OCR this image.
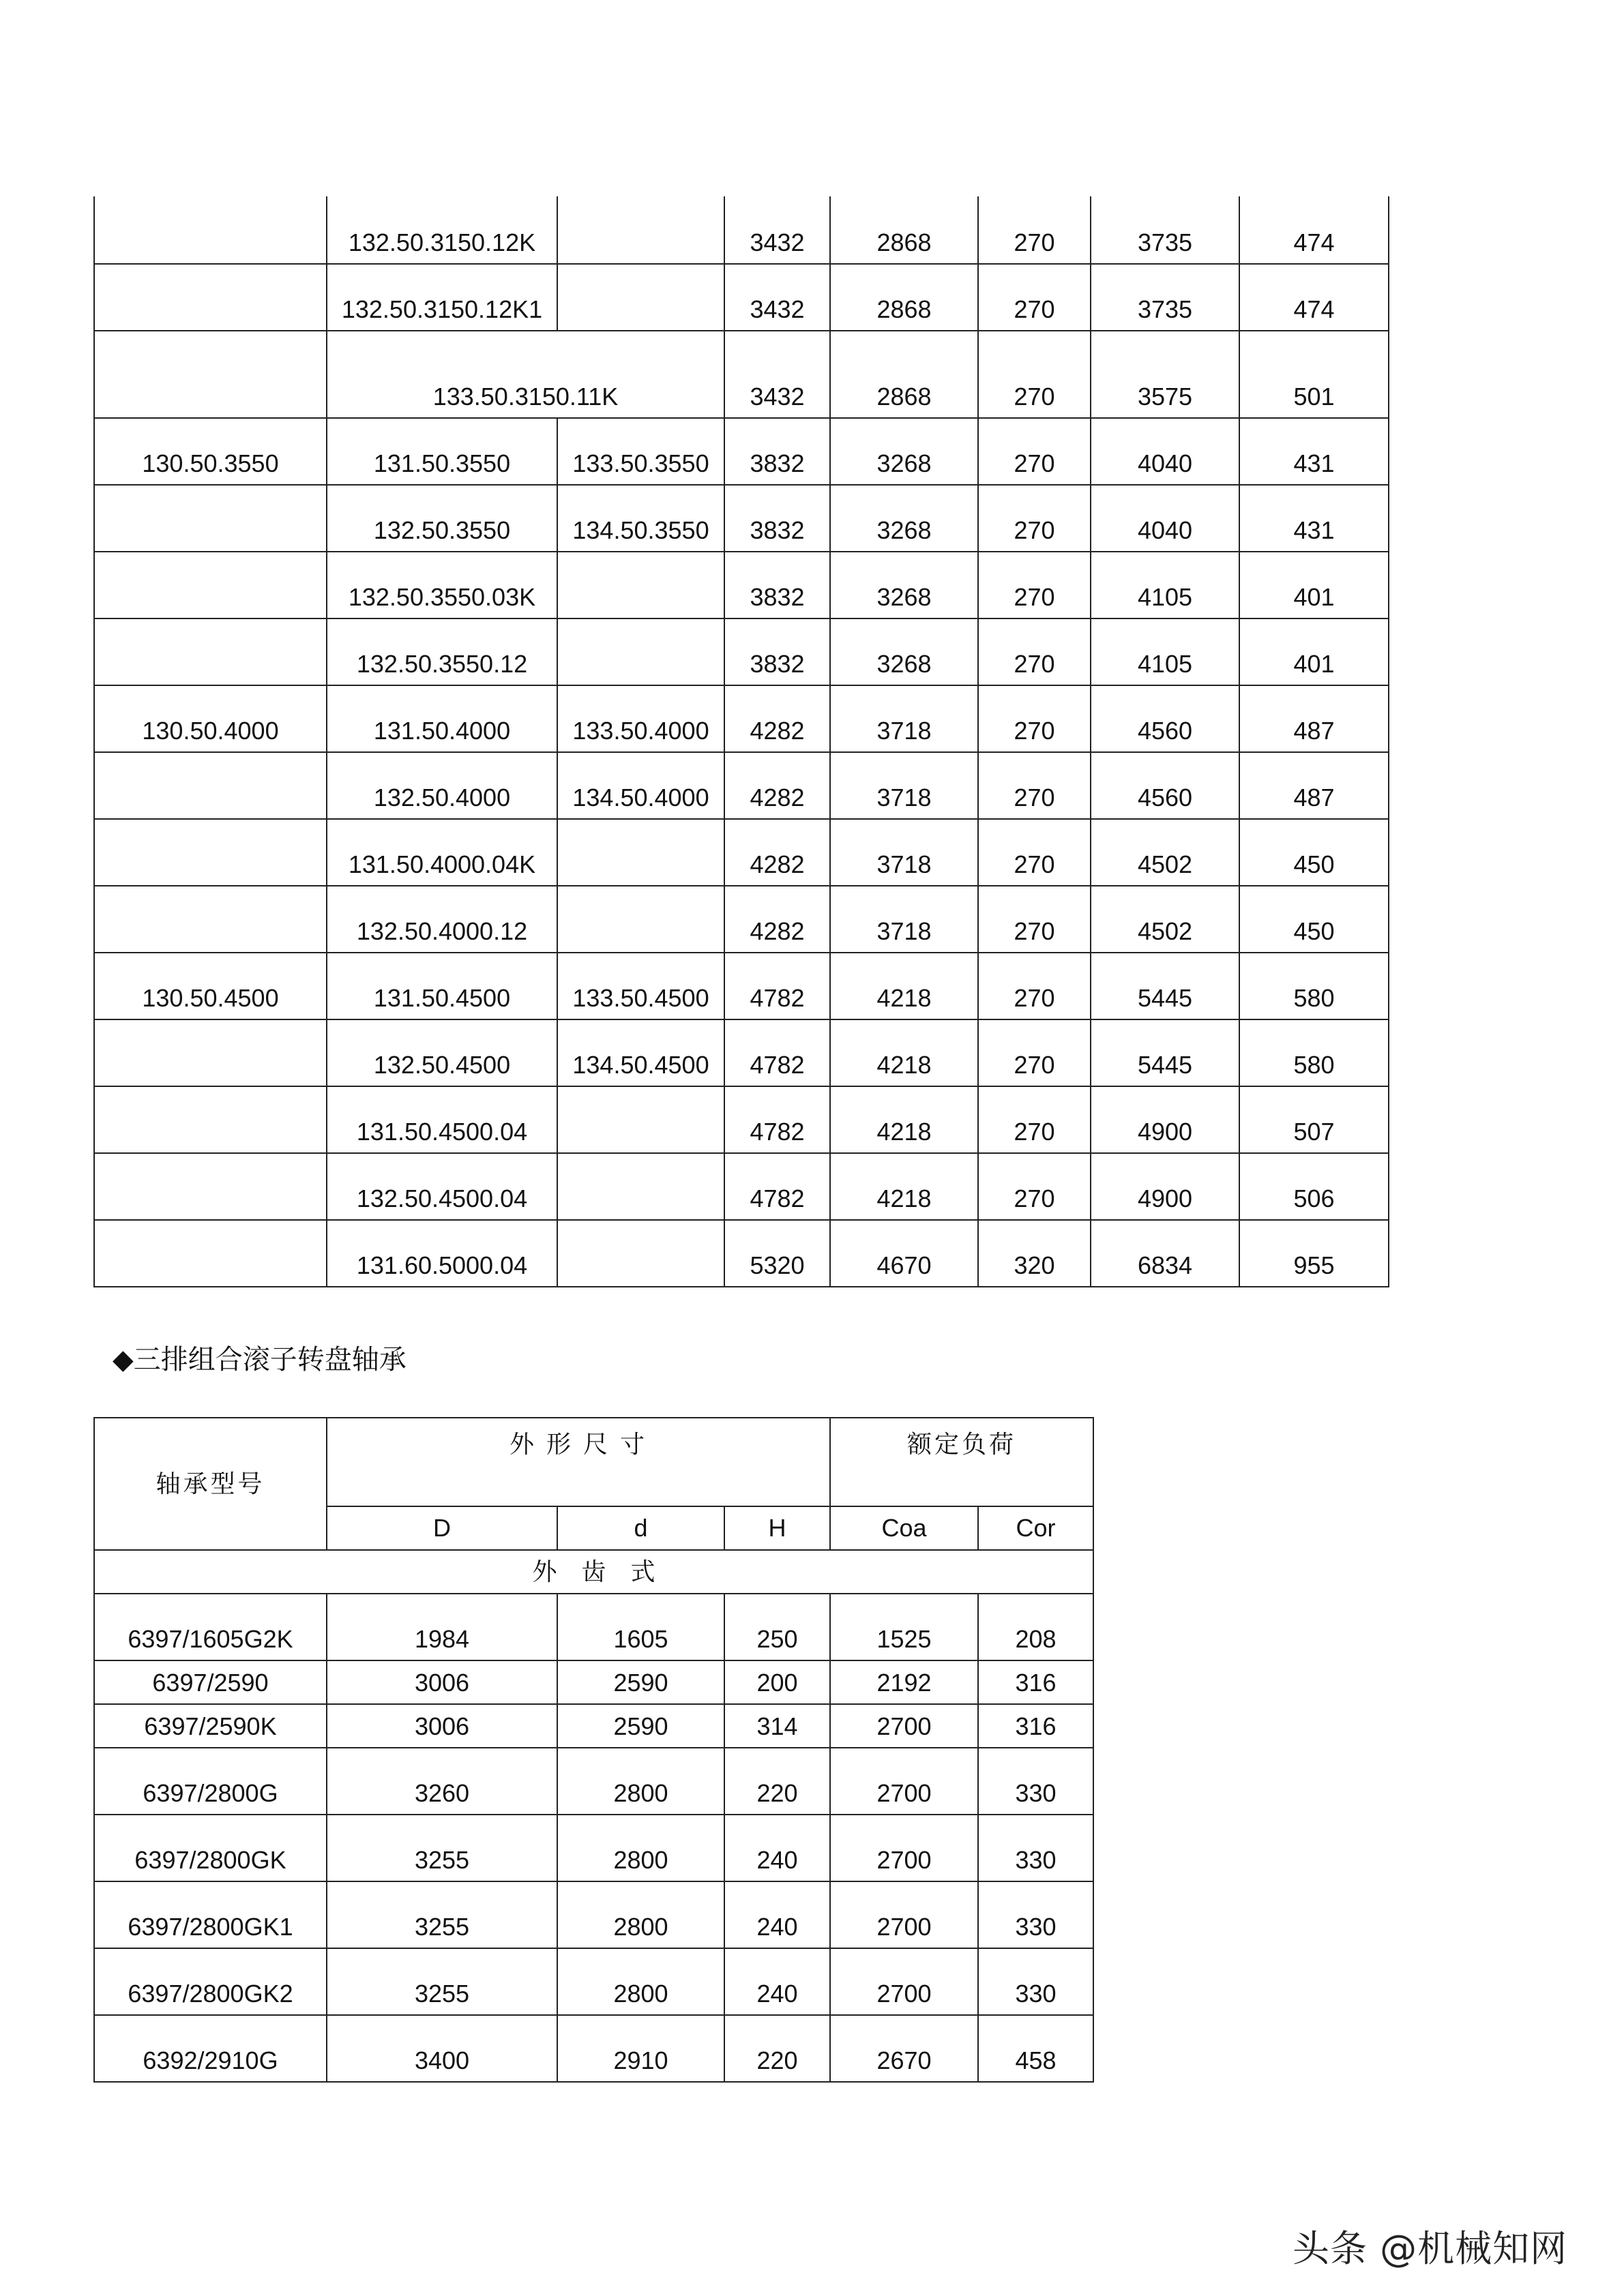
	132.50.3150.12K		3432	2868	270	3735	474
	132.50.3150.12K1		3432	2868	270	3735	474
	133.50.3150.11K		3432	2868	270	3575	501
130.50.3550	131.50.3550	133.50.3550	3832	3268	270	4040	431
	132.50.3550	134.50.3550	3832	3268	270	4040	431
	132.50.3550.03K		3832	3268	270	4105	401
	132.50.3550.12		3832	3268	270	4105	401
130.50.4000	131.50.4000	133.50.4000	4282	3718	270	4560	487
	132.50.4000	134.50.4000	4282	3718	270	4560	487
	131.50.4000.04K		4282	3718	270	4502	450
	132.50.4000.12		4282	3718	270	4502	450
130.50.4500	131.50.4500	133.50.4500	4782	4218	270	5445	580
	132.50.4500	134.50.4500	4782	4218	270	5445	580
	131.50.4500.04		4782	4218	270	4900	507
	132.50.4500.04		4782	4218	270	4900	506
	131.60.5000.04		5320	4670	320	6834	955
◆三排组合滚子转盘轴承
轴承型号	外 形 尺 寸			额定负荷	
	D	d	H	Coa	Cor
外　齿　式					
6397/1605G2K	1984	1605	250	1525	208
6397/2590	3006	2590	200	2192	316
6397/2590K	3006	2590	314	2700	316
6397/2800G	3260	2800	220	2700	330
6397/2800GK	3255	2800	240	2700	330
6397/2800GK1	3255	2800	240	2700	330
6397/2800GK2	3255	2800	240	2700	330
6392/2910G	3400	2910	220	2670	458
头条 @机械知网
